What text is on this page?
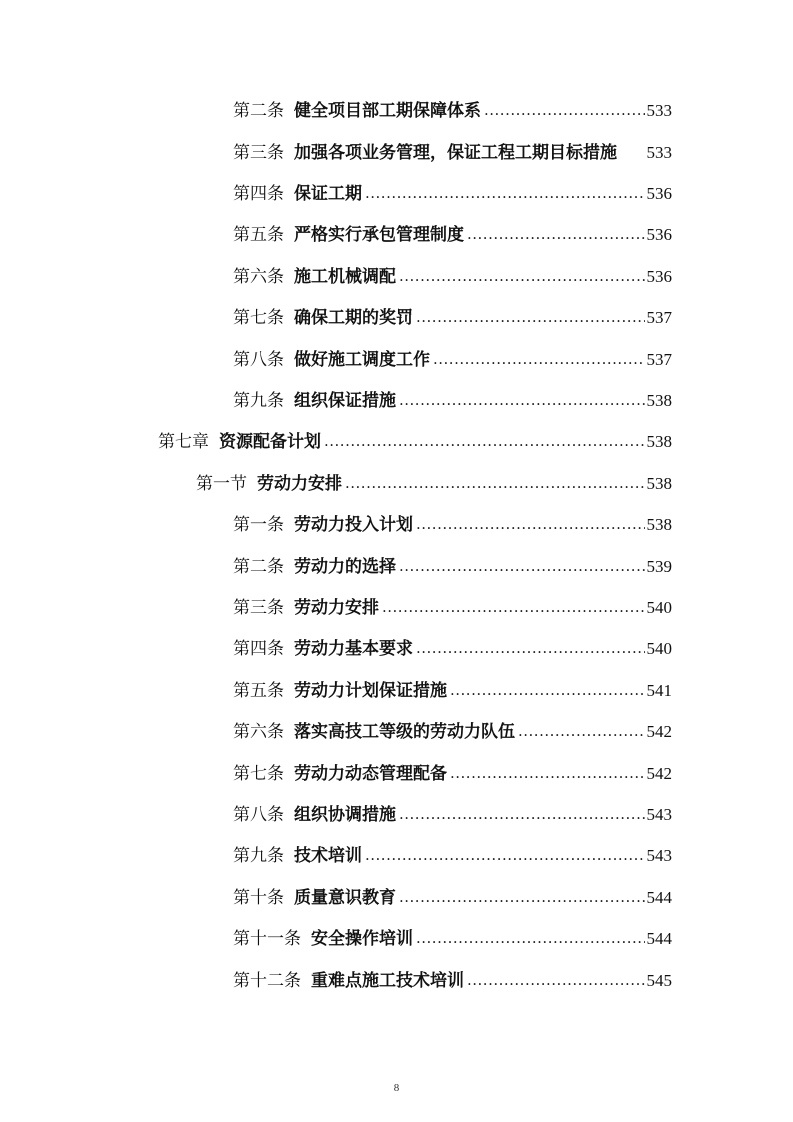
第二条 健全项目部工期保障体系 .....	533
第三条 加强各项业务管理，保证工程工期目标措施 533
第四条 保证工期 .....	536
第五条 严格实行承包管理制度 .....	536
第六条 施工机械调配 .....	536
第七条 确保工期的奖罚 .....	537
第八条 做好施工调度工作 .....	537
第九条 组织保证措施 .....	538
第七章 资源配备计划 .....	538
第一节 劳动力安排 .....	538
第一条 劳动力投入计划 .....	538
第二条 劳动力的选择 .....	539
第三条 劳动力安排 .....	540
第四条 劳动力基本要求 .....	540
第五条 劳动力计划保证措施 .....	541
第六条 落实高技工等级的劳动力队伍 .....	542
第七条 劳动力动态管理配备 .....	542
第八条 组织协调措施 .....	543
第九条 技术培训 .....	543
第十条 质量意识教育 .....	544
第十一条 安全操作培训 .....	544
第十二条 重难点施工技术培训 .....	545
8
